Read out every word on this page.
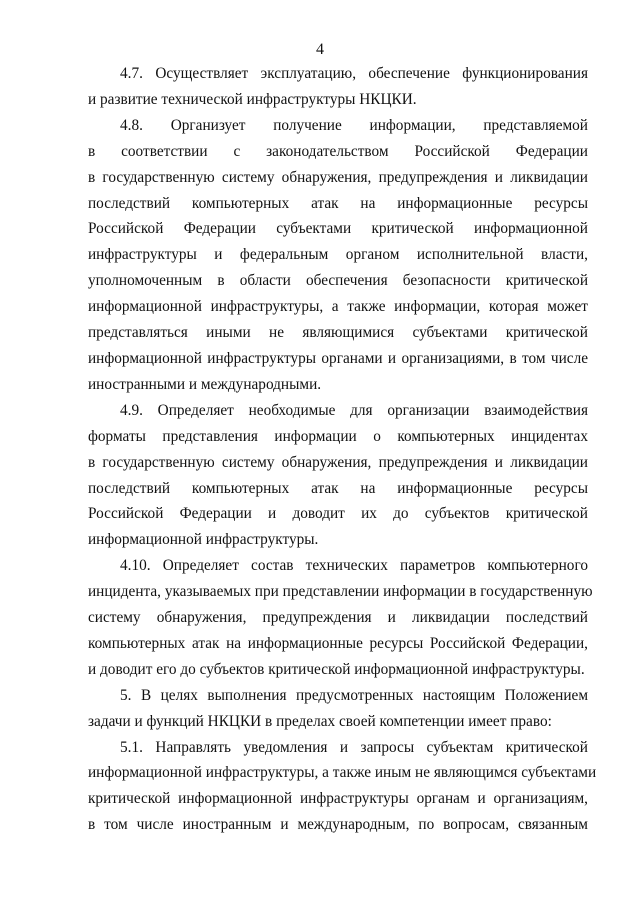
4

4.7. Осуществляет эксплуатацию, обеспечение функционирования
и развитие технической инфраструктуры НКЦКИ.

4.8. Организует получение информации, представляемой
в соответствии с законодательством Российской Федерации
в государственную систему обнаружения, предупреждения и ликвидации
последствий компьютерных атак на информационные ресурсы
Российской Федерации субъектами критической информационной
инфраструктуры и федеральным органом исполнительной власти,
уполномоченным в области обеспечения безопасности критической
информационной инфраструктуры, а также информации, которая может
представляться иными не являющимися субъектами критической
информационной инфраструктуры органами и организациями, в том числе
иностранными и международными.

4.9. Определяет необходимые для организации взаимодействия
форматы представления информации о компьютерных инцидентах
в государственную систему обнаружения, предупреждения и ликвидации
последствий компьютерных атак на информационные ресурсы
Российской Федерации и доводит их до субъектов критической
информационной инфраструктуры.

4.10. Определяет состав технических параметров компьютерного
инцидента, указываемых при представлении информации в государственную
систему обнаружения, предупреждения и ликвидации последствий
компьютерных атак на информационные ресурсы Российской Федерации,
и доводит его до субъектов критической информационной инфраструктуры.

5. В целях выполнения предусмотренных настоящим Положением
задачи и функций НКЦКИ в пределах своей компетенции имеет право:

5.1. Направлять уведомления и запросы субъектам критической
информационной инфраструктуры, а также иным не являющимся субъектами
критической информационной инфраструктуры органам и организациям,
в том числе иностранным и международным, по вопросам, связанным
